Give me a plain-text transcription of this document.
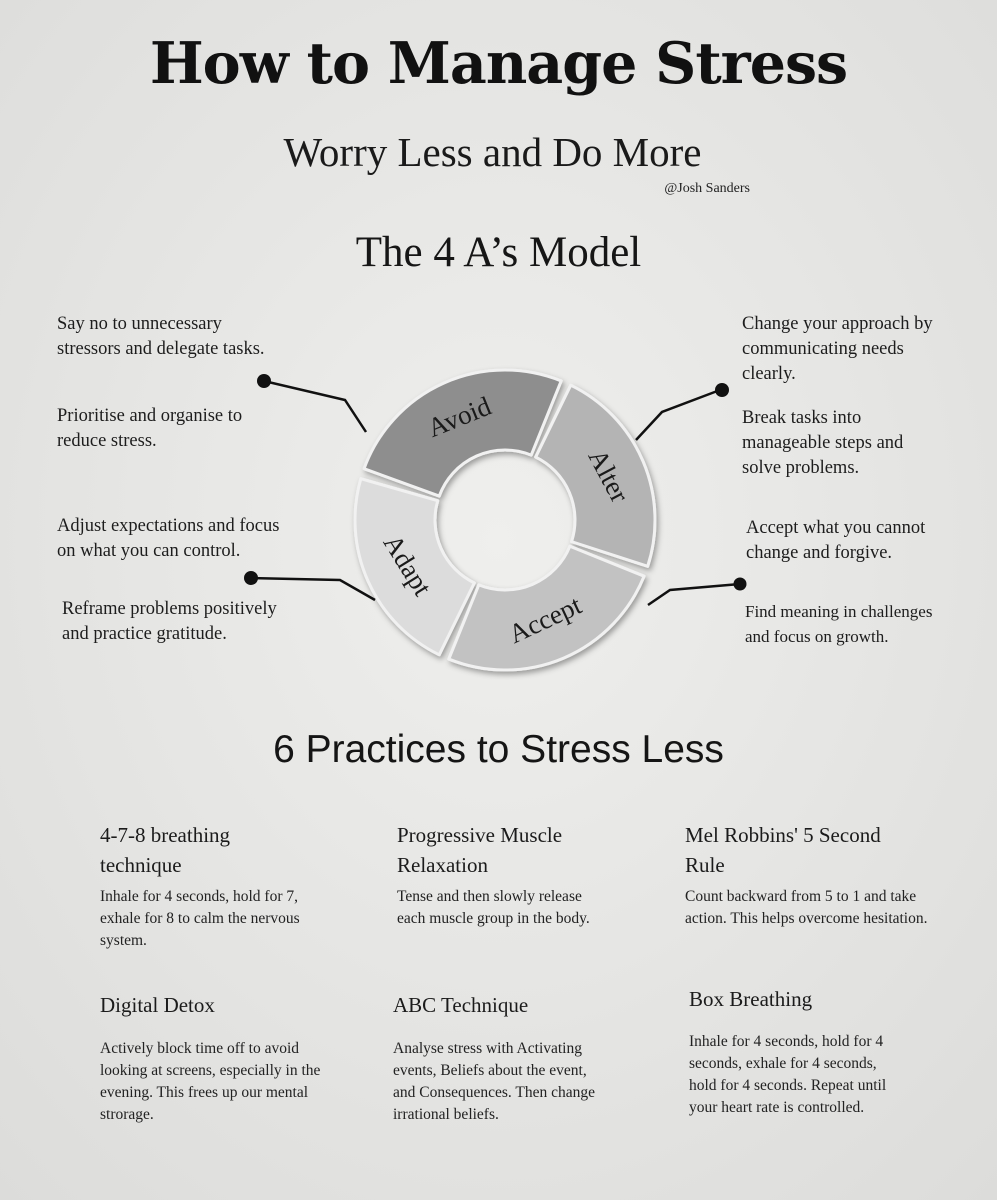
How to Manage Stress
Worry Less and Do More
@Josh Sanders
The 4 A’s Model
Say no to unnecessary stressors and delegate tasks.
Prioritise and organise to reduce stress.
Adjust expectations and focus on what you can control.
Reframe problems positively and practice gratitude.
Change your approach by communicating needs clearly.
Break tasks into manageable steps and solve problems.
Accept what you cannot change and forgive.
Find meaning in challenges and focus on growth.
Avoid
Alter
Accept
Adapt
6 Practices to Stress Less
4-7-8 breathing technique
Inhale for 4 seconds, hold for 7, exhale for 8 to calm the nervous system.
Progressive Muscle Relaxation
Tense and then slowly release each muscle group in the body.
Mel Robbins' 5 Second Rule
Count backward from 5 to 1 and take action. This helps overcome hesitation.
Digital Detox
Actively block time off to avoid looking at screens, especially in the evening. This frees up our mental strorage.
ABC Technique
Analyse stress with Activating events, Beliefs about the event, and Consequences. Then change irrational beliefs.
Box Breathing
Inhale for 4 seconds, hold for 4 seconds, exhale for 4 seconds, hold for 4 seconds. Repeat until your heart rate is controlled.
